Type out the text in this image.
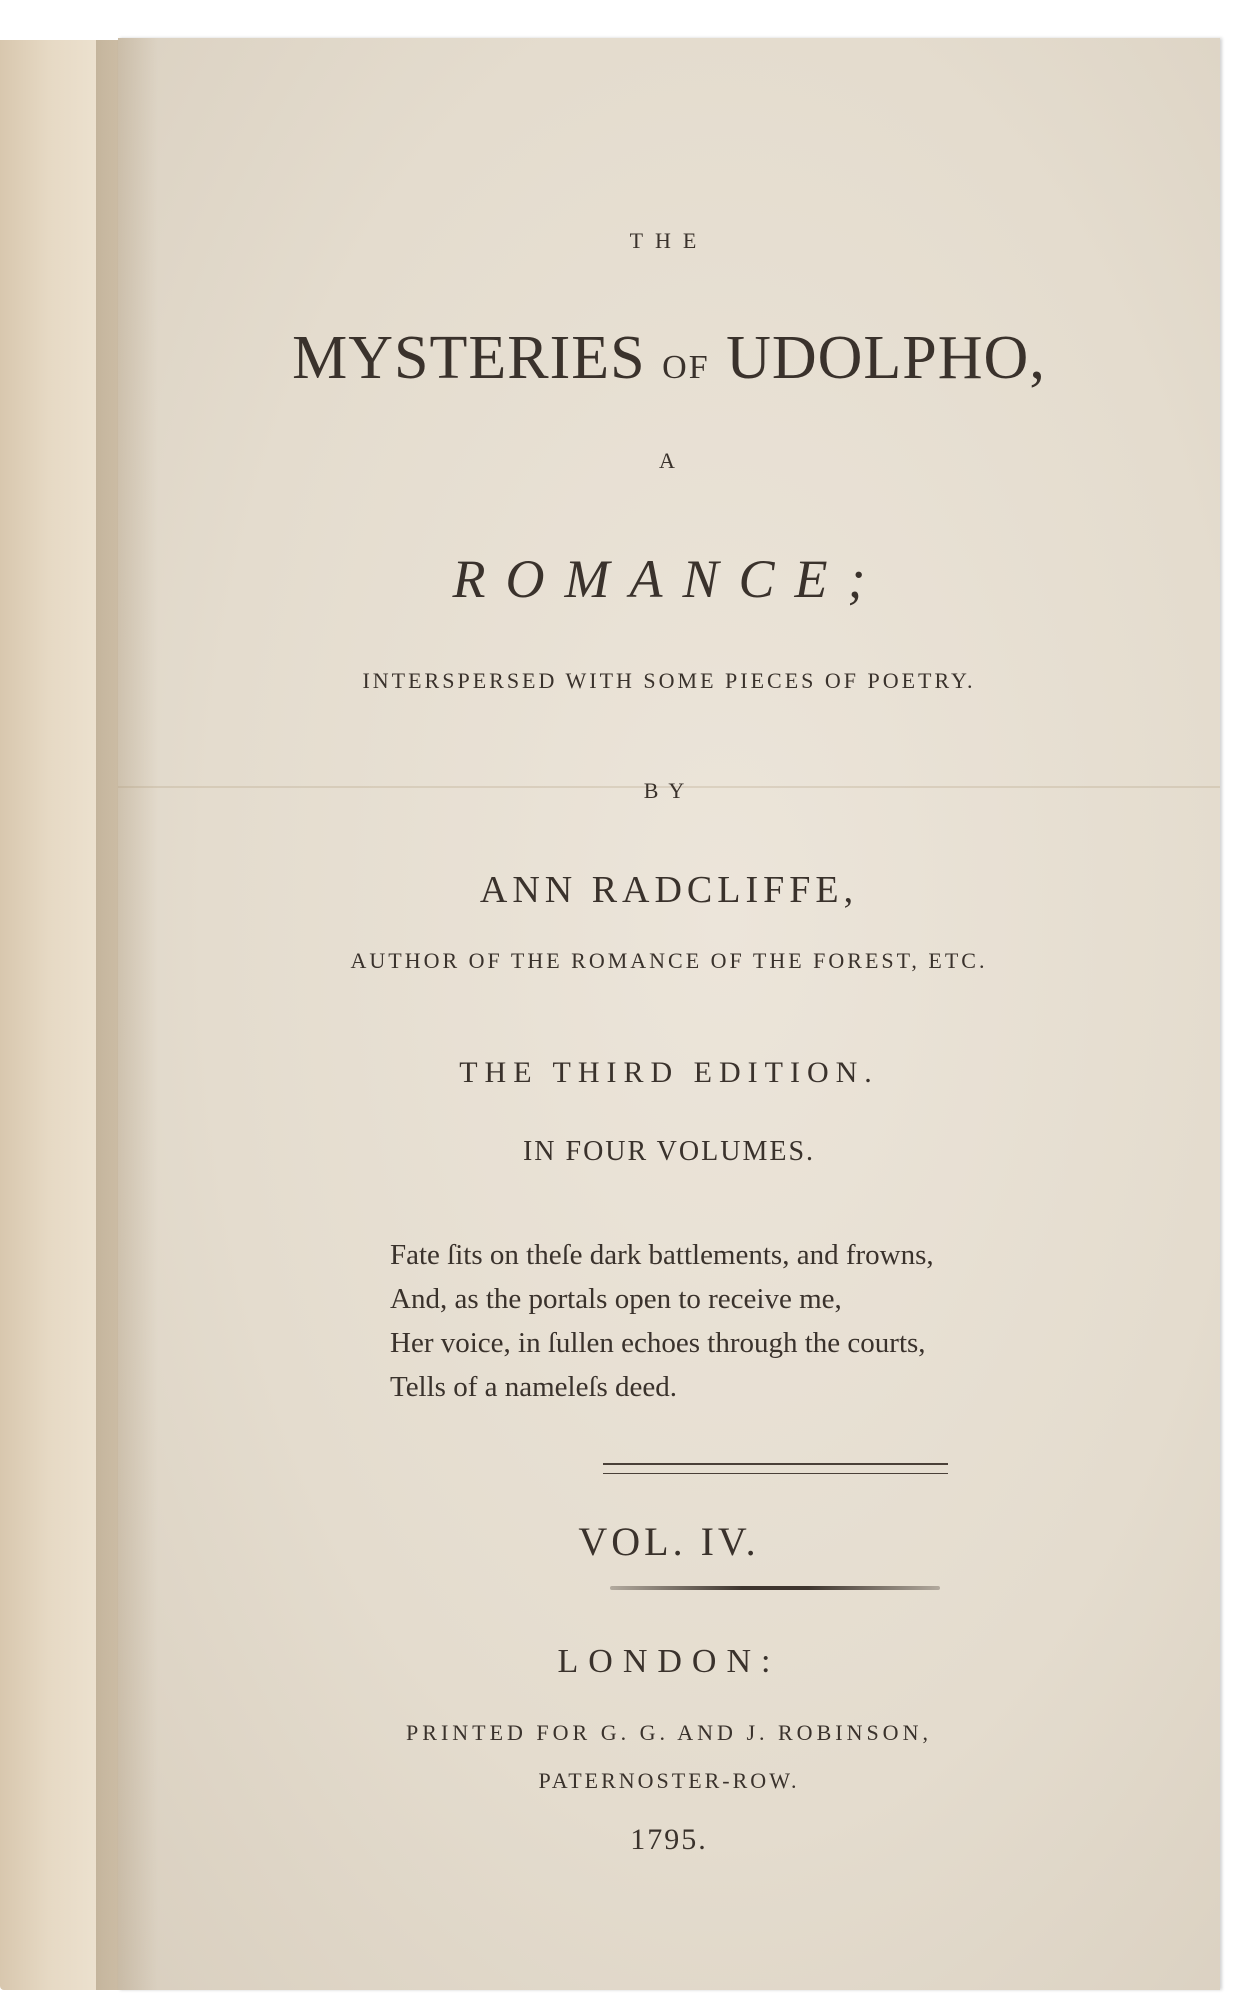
THE
MYSTERIES OF UDOLPHO,
A
ROMANCE;
INTERSPERSED WITH SOME PIECES OF POETRY.
BY
ANN RADCLIFFE,
AUTHOR OF THE ROMANCE OF THE FOREST, ETC.
THE THIRD EDITION.
IN FOUR VOLUMES.
Fate ſits on theſe dark battlements, and frowns,
And, as the portals open to receive me,
Her voice, in ſullen echoes through the courts,
Tells of a nameleſs deed.
VOL. IV.
LONDON:
PRINTED FOR G. G. AND J. ROBINSON,
PATERNOSTER-ROW.
1795.
